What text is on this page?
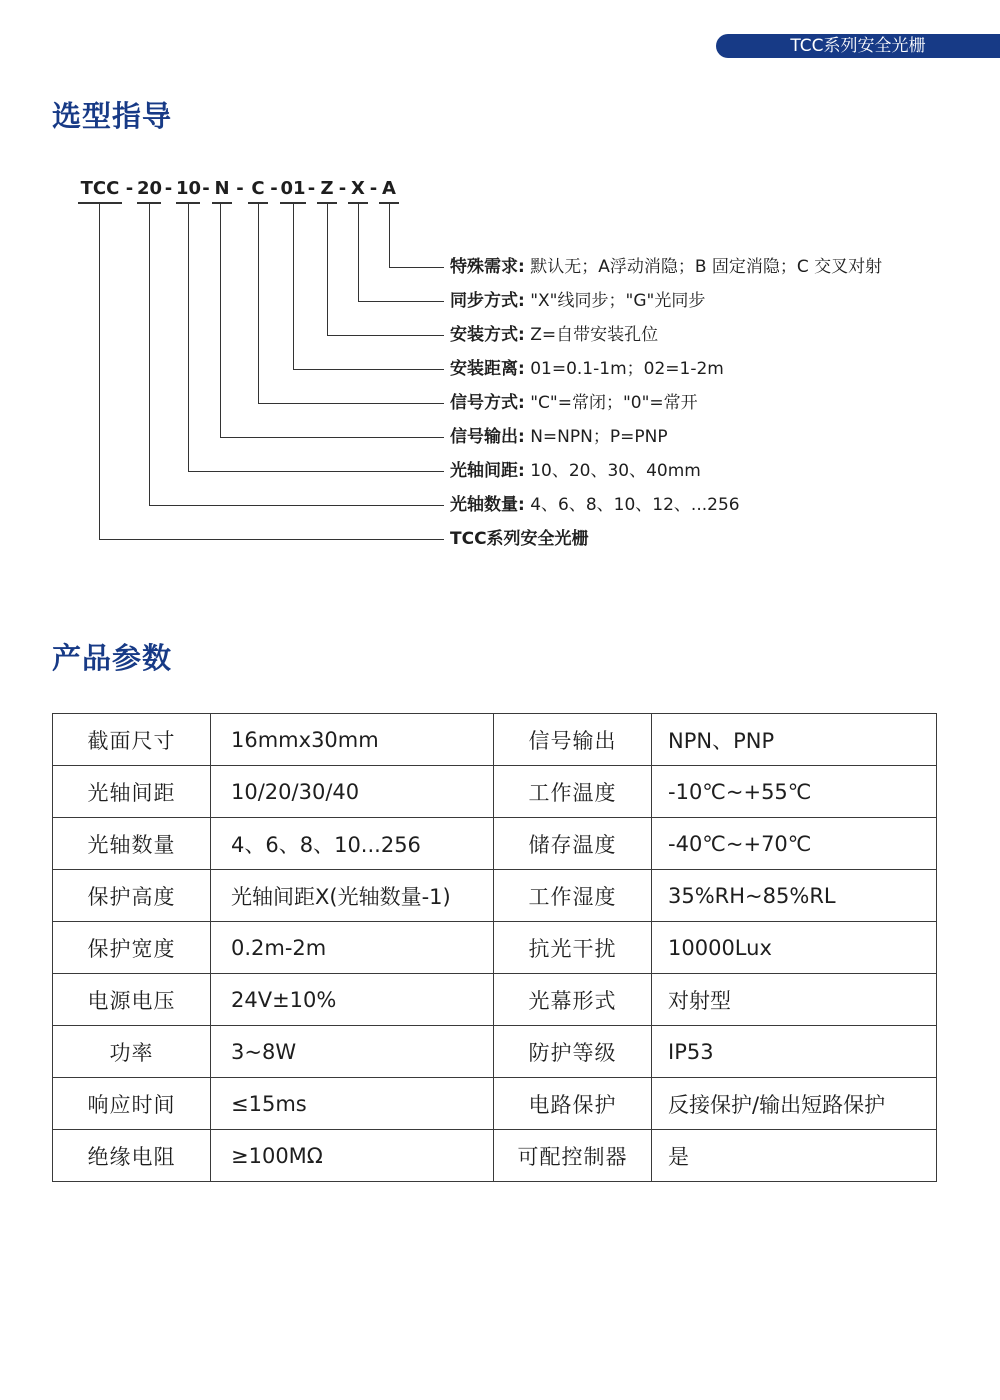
TCC系列安全光栅
选型指导
TCC - 20 - 10 - N - C - 01 - Z - X - A
特殊需求: 默认无；A浮动消隐；B 固定消隐；C 交叉对射
同步方式: "X"线同步；"G"光同步
安装方式: Z=自带安装孔位
安装距离: 01=0.1-1m；02=1-2m
信号方式: "C"=常闭；"0"=常开
信号输出: N=NPN；P=PNP
光轴间距: 10、20、30、40mm
光轴数量: 4、6、8、10、12、...256
TCC系列安全光栅
产品参数
截面尺寸	16mmx30mm	信号输出	NPN、PNP
光轴间距	10/20/30/40	工作温度	-10℃~+55℃
光轴数量	4、6、8、10...256	储存温度	-40℃~+70℃
保护高度	光轴间距X(光轴数量-1)	工作湿度	35%RH~85%RL
保护宽度	0.2m-2m	抗光干扰	10000Lux
电源电压	24V±10%	光幕形式	对射型
功率	3~8W	防护等级	IP53
响应时间	≤15ms	电路保护	反接保护/输出短路保护
绝缘电阻	≥100MΩ	可配控制器	是
